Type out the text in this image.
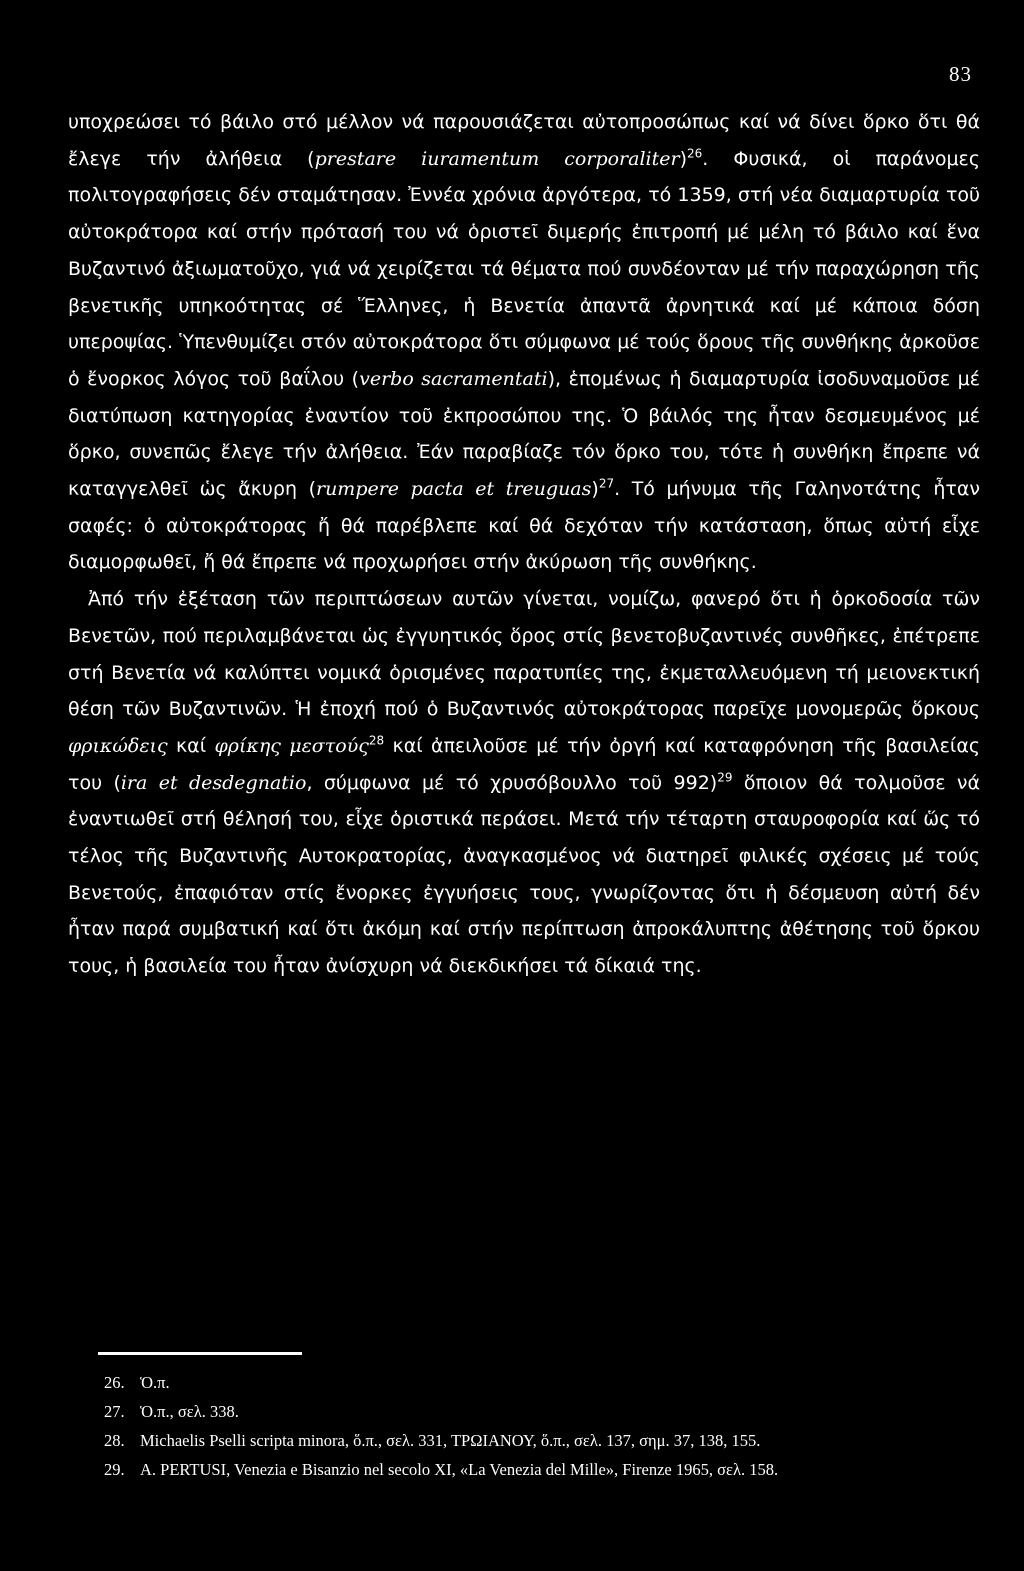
83

υποχρεώσει τό βάιλο στό μέλλον νά παρουσιάζεται αὐτοπροσώπως καί νά δίνει ὅρκο ὅτι θά ἔλεγε τήν ἀλήθεια (prestare iuramentum corporaliter)$^{26}$. Φυσικά, οἱ παράνομες πολιτογραφήσεις δέν σταμάτησαν. Ἐννέα χρόνια ἀργότερα, τό 1359, στή νέα διαμαρτυρία τοῦ αὐτοκράτορα καί στήν πρότασή του νά ὁριστεῖ διμερής ἐπιτροπή μέ μέλη τό βάιλο καί ἕνα Βυζαντινό ἀξιωματοῦχο, γιά νά χειρίζεται τά θέματα πού συνδέονταν μέ τήν παραχώρηση τῆς βενετικῆς υπηκοότητας σέ Ἕλληνες, ἡ Βενετία ἀπαντᾶ ἀρνητικά καί μέ κάποια δόση υπεροψίας. Ὑπενθυμίζει στόν αὐτοκράτορα ὅτι σύμφωνα μέ τούς ὅρους τῆς συνθήκης ἀρκοῦσε ὁ ἔνορκος λόγος τοῦ βαΐλου (verbo sacramentati), ἑπομένως ἡ διαμαρτυρία ἰσοδυναμοῦσε μέ διατύπωση κατηγορίας ἐναντίον τοῦ ἐκπροσώπου της. Ὁ βάιλός της ἦταν δεσμευμένος μέ ὅρκο, συνεπῶς ἔλεγε τήν ἀλήθεια. Ἐάν παραβίαζε τόν ὅρκο του, τότε ἡ συνθήκη ἔπρεπε νά καταγγελθεῖ ὡς ἄκυρη (rumpere pacta et treuguas)$^{27}$. Τό μήνυμα τῆς Γαληνοτάτης ἦταν σαφές: ὁ αὐτοκράτορας ἤ θά παρέβλεπε καί θά δεχόταν τήν κατάσταση, ὅπως αὐτή εἶχε διαμορφωθεῖ, ἤ θά ἔπρεπε νά προχωρήσει στήν ἀκύρωση τῆς συνθήκης.

Ἀπό τήν ἐξέταση τῶν περιπτώσεων αυτῶν γίνεται, νομίζω, φανερό ὅτι ἡ ὁρκοδοσία τῶν Βενετῶν, πού περιλαμβάνεται ὡς ἐγγυητικός ὅρος στίς βενετοβυζαντινές συνθῆκες, ἐπέτρεπε στή Βενετία νά καλύπτει νομικά ὁρισμένες παρατυπίες της, ἐκμεταλλευόμενη τή μειονεκτική θέση τῶν Βυζαντινῶν. Ἡ ἐποχή πού ὁ Βυζαντινός αὐτοκράτορας παρεῖχε μονομερῶς ὅρκους φρικώδεις καί φρίκης μεστούς$^{28}$ καί ἀπειλοῦσε μέ τήν ὀργή καί καταφρόνηση τῆς βασιλείας του (ira et desdegnatio, σύμφωνα μέ τό χρυσόβουλλο τοῦ 992)$^{29}$ ὅποιον θά τολμοῦσε νά ἐναντιωθεῖ στή θέλησή του, εἶχε ὁριστικά περάσει. Μετά τήν τέταρτη σταυροφορία καί ὥς τό τέλος τῆς Βυζαντινῆς Αυτοκρατορίας, ἀναγκασμένος νά διατηρεῖ φιλικές σχέσεις μέ τούς Βενετούς, ἐπαφιόταν στίς ἔνορκες ἐγγυήσεις τους, γνωρίζοντας ὅτι ἡ δέσμευση αὐτή δέν ἦταν παρά συμβατική καί ὅτι ἀκόμη καί στήν περίπτωση ἀπροκάλυπτης ἀθέτησης τοῦ ὅρκου τους, ἡ βασιλεία του ἦταν ἀνίσχυρη νά διεκδικήσει τά δίκαιά της.

26. Ὁ.π.

27. Ὁ.π., σελ. 338.

28. Michaelis Pselli scripta minora, ὅ.π., σελ. 331, ΤΡΩΙΑΝΟΥ, ὅ.π., σελ. 137, σημ. 37, 138, 155.

29. A. PERTUSI, Venezia e Bisanzio nel secolo XI, «La Venezia del Mille», Firenze 1965, σελ. 158.
